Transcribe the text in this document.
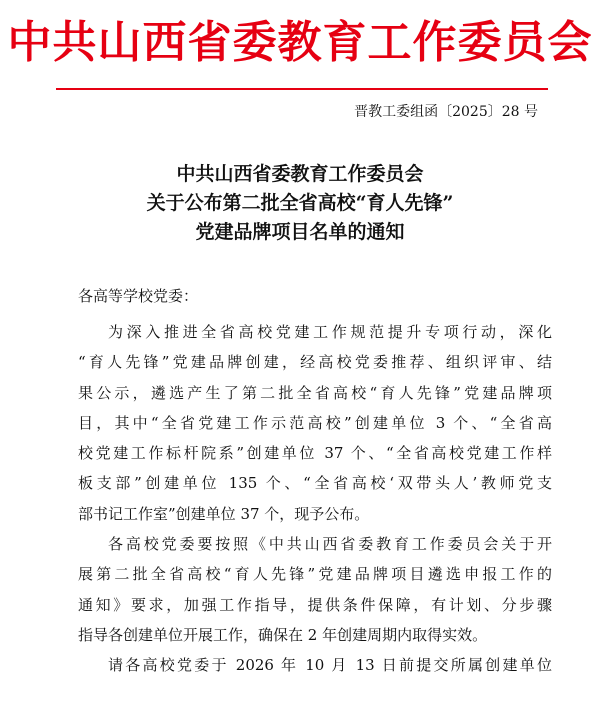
中共山西省委教育工作委员会
晋教工委组函〔2025〕28 号
中共山西省委教育工作委员会
关于公布第二批全省高校“育人先锋”
党建品牌项目名单的通知
各高等学校党委：

为深入推进全省高校党建工作规范提升专项行动，深化
“育人先锋”党建品牌创建，经高校党委推荐、组织评审、结
果公示，遴选产生了第二批全省高校“育人先锋”党建品牌项
目，其中“全省党建工作示范高校”创建单位 3 个、“全省高
校党建工作标杆院系”创建单位 37 个、“全省高校党建工作样
板支部”创建单位 135 个、“全省高校‘双带头人’教师党支
部书记工作室”创建单位 37 个，现予公布。

各高校党委要按照《中共山西省委教育工作委员会关于开
展第二批全省高校“育人先锋”党建品牌项目遴选申报工作的
通知》要求，加强工作指导，提供条件保障，有计划、分步骤
指导各创建单位开展工作，确保在 2 年创建周期内取得实效。

请各高校党委于 2026 年 10 月 13 日前提交所属创建单位
